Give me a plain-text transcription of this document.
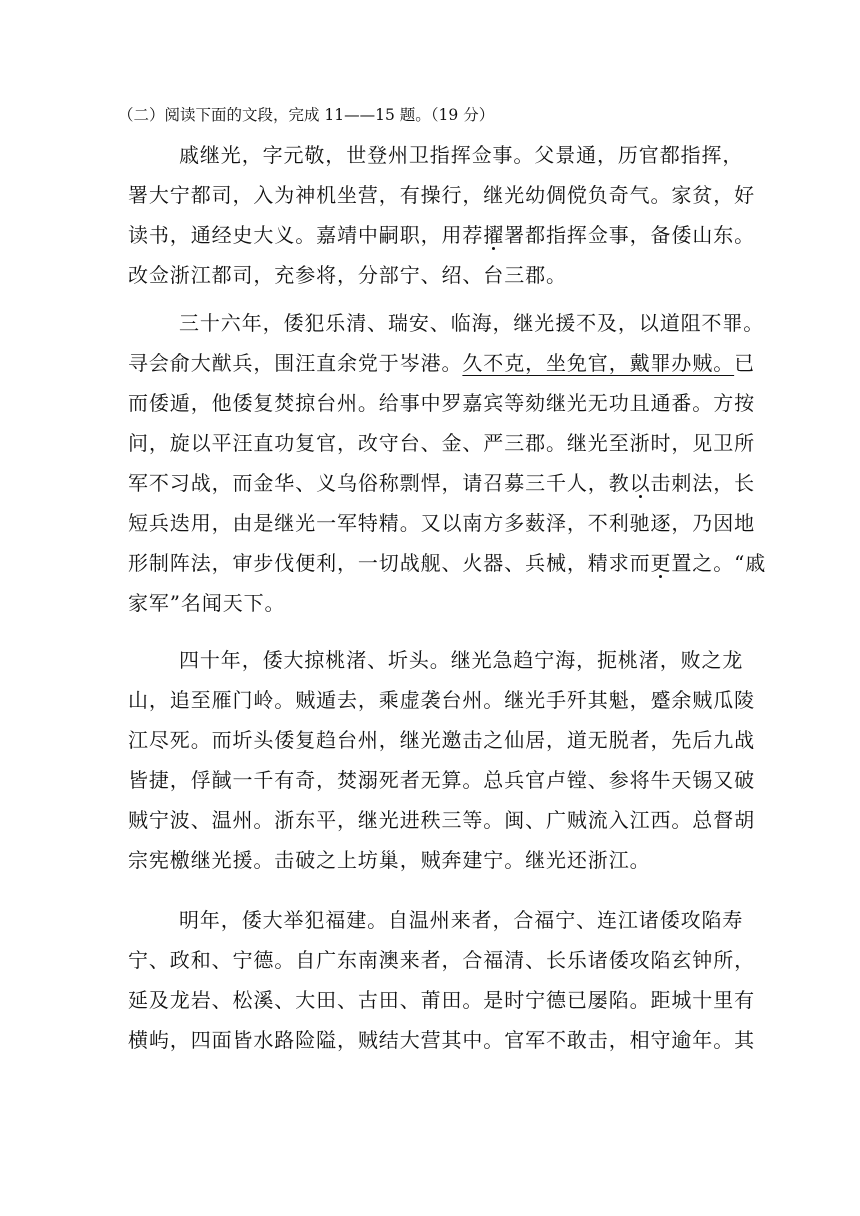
（二）阅读下面的文段，完成 11——15 题。（19 分）
戚继光，字元敬，世登州卫指挥佥事。父景通，历官都指挥，
署大宁都司，入为神机坐营，有操行，继光幼倜傥负奇气。家贫，好
读书，通经史大义。嘉靖中嗣职，用荐擢署都指挥佥事，备倭山东。
改佥浙江都司，充参将，分部宁、绍、台三郡。
三十六年，倭犯乐清、瑞安、临海，继光援不及，以道阻不罪。
寻会俞大猷兵，围汪直余党于岑港。久不克，坐免官，戴罪办贼。已
而倭遁，他倭复焚掠台州。给事中罗嘉宾等劾继光无功且通番。方按
问，旋以平汪直功复官，改守台、金、严三郡。继光至浙时，见卫所
军不习战，而金华、义乌俗称剽悍，请召募三千人，教以击刺法，长
短兵迭用，由是继光一军特精。又以南方多薮泽，不利驰逐，乃因地
形制阵法，审步伐便利，一切战舰、火器、兵械，精求而更置之。“戚
家军”名闻天下。
四十年，倭大掠桃渚、圻头。继光急趋宁海，扼桃渚，败之龙
山，追至雁门岭。贼遁去，乘虚袭台州。继光手歼其魁，蹙余贼瓜陵
江尽死。而圻头倭复趋台州，继光邀击之仙居，道无脱者，先后九战
皆捷，俘馘一千有奇，焚溺死者无算。总兵官卢镗、参将牛天锡又破
贼宁波、温州。浙东平，继光进秩三等。闽、广贼流入江西。总督胡
宗宪檄继光援。击破之上坊巢，贼奔建宁。继光还浙江。
明年，倭大举犯福建。自温州来者，合福宁、连江诸倭攻陷寿
宁、政和、宁德。自广东南澳来者，合福清、长乐诸倭攻陷玄钟所，
延及龙岩、松溪、大田、古田、莆田。是时宁德已屡陷。距城十里有
横屿，四面皆水路险隘，贼结大营其中。官军不敢击，相守逾年。其
